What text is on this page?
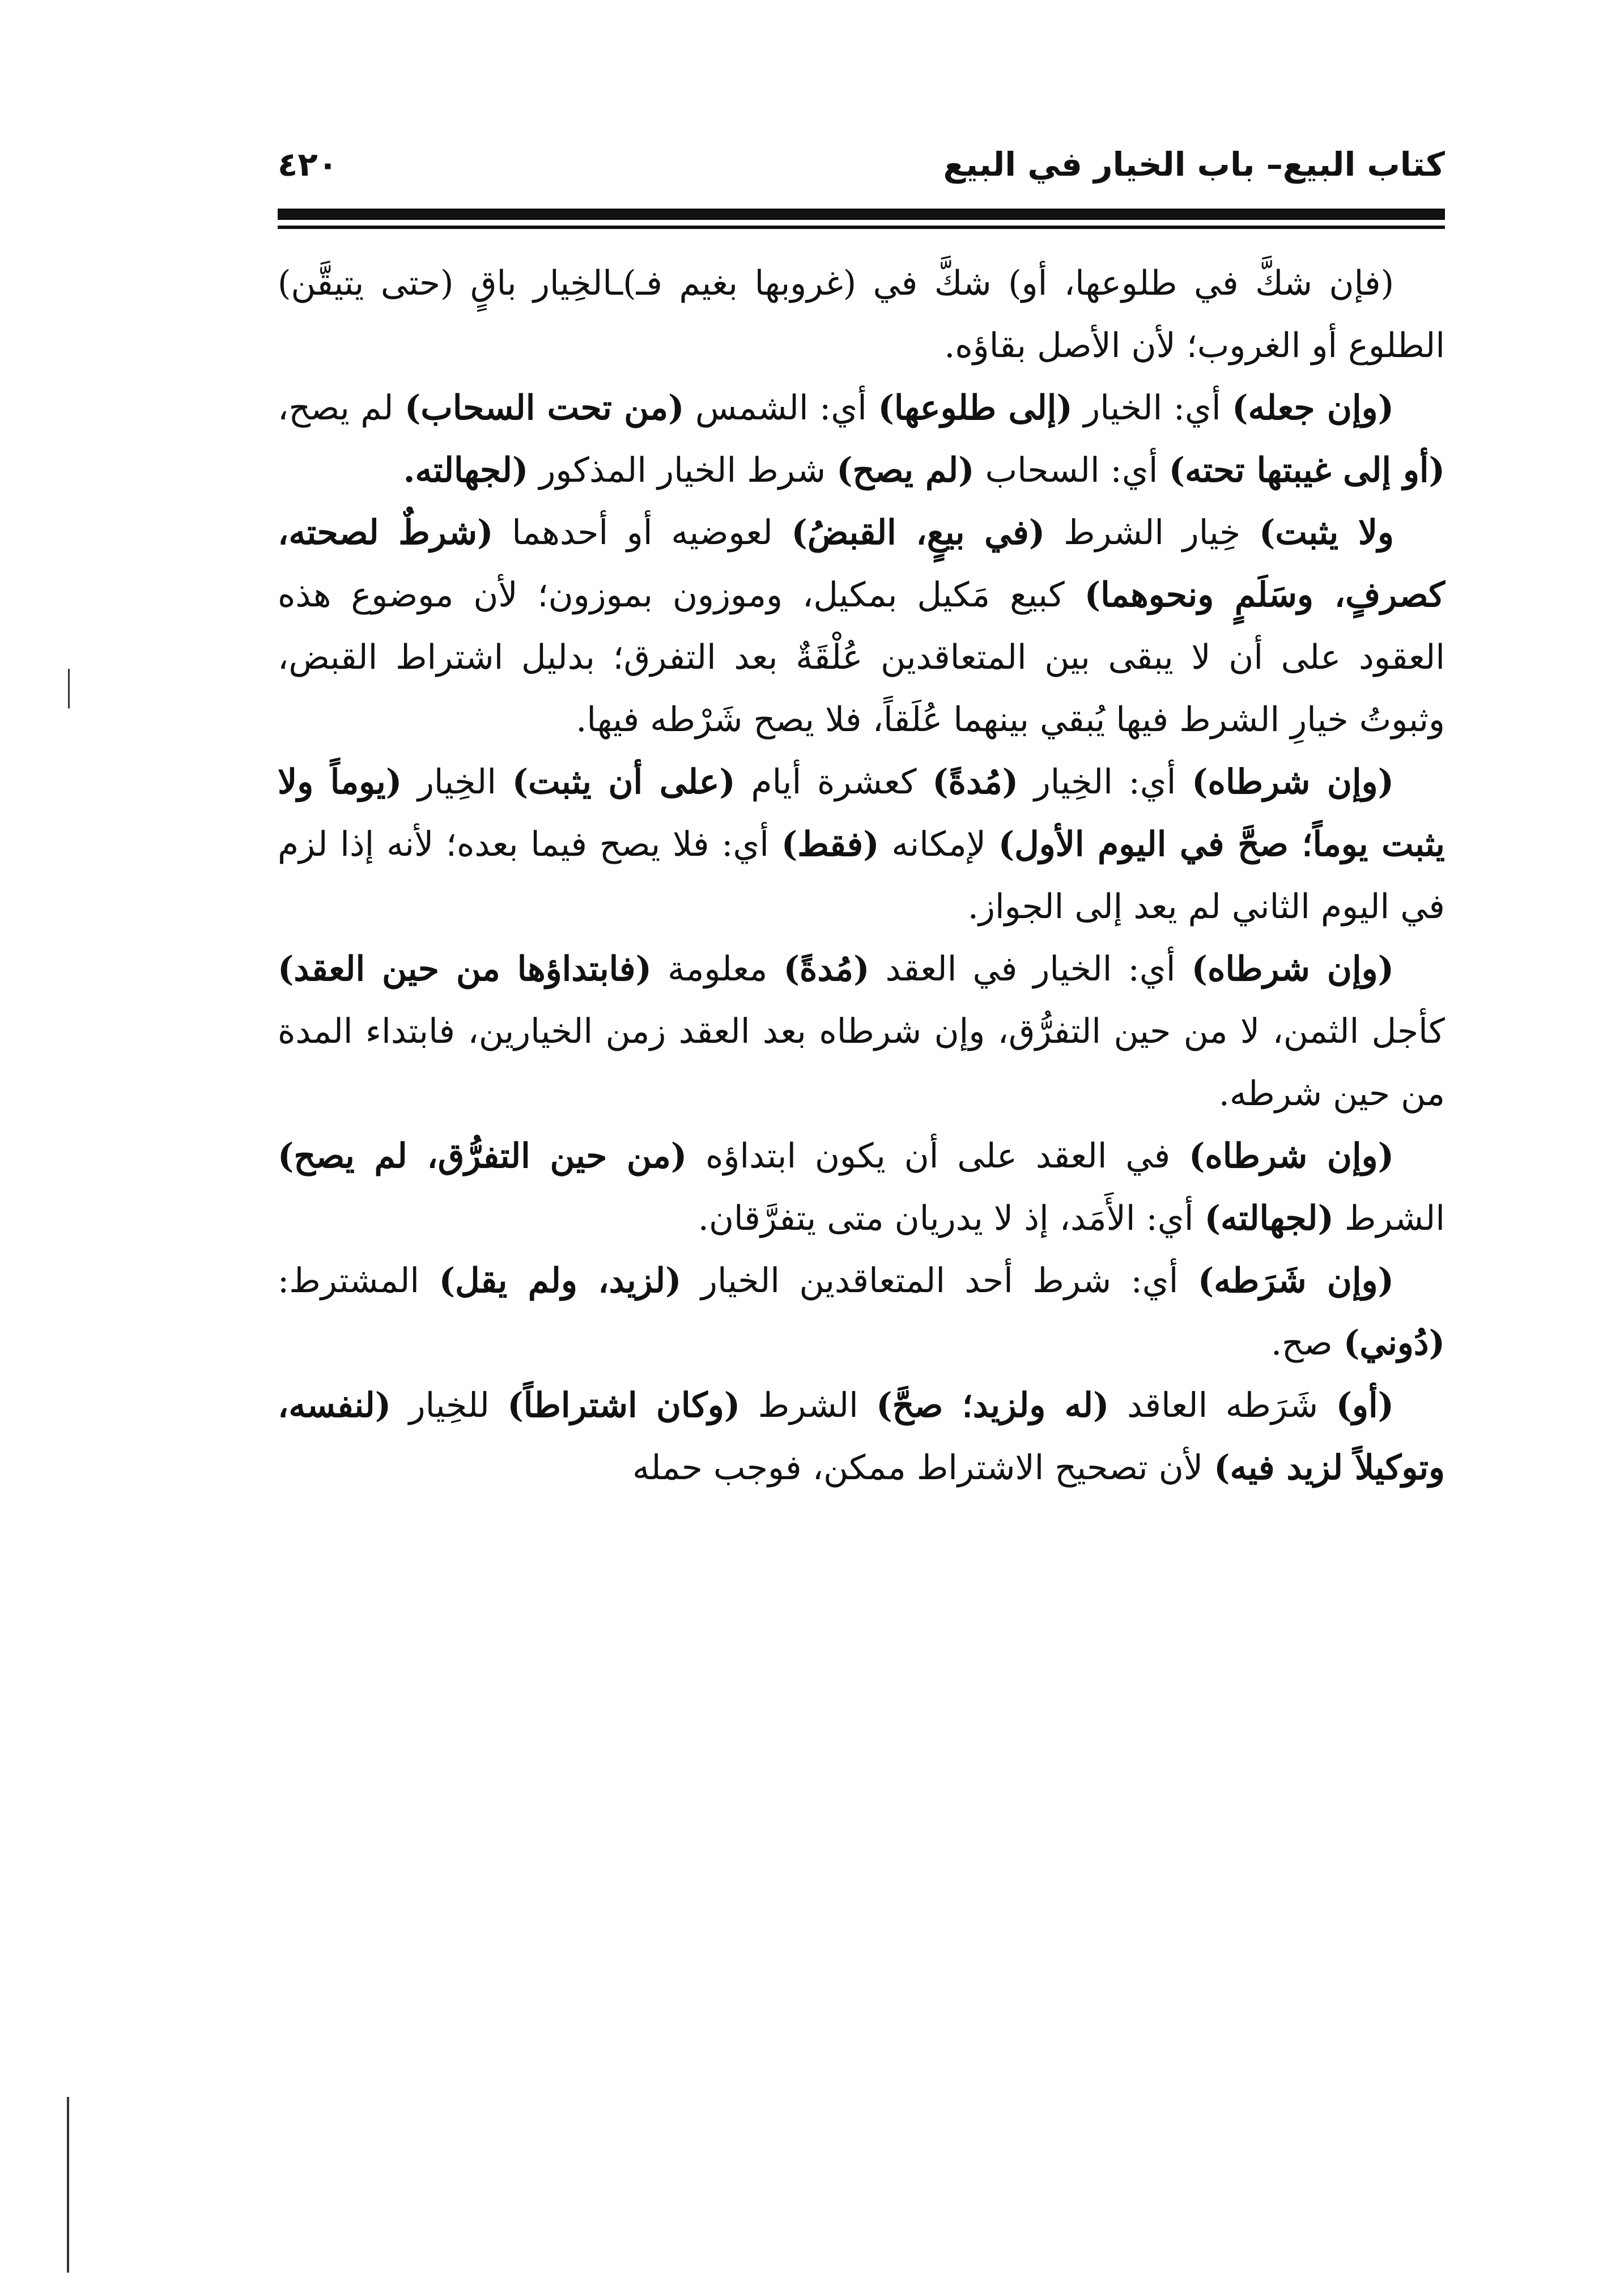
كتاب البيع– باب الخيار في البيع
٤٢٠

(فإن شكَّ في طلوعها، أو) شكَّ في (غروبها بغيم فـ)ـالخِيار باقٍ (حتى يتيقَّن) الطلوع أو الغروب؛ لأن الأصل بقاؤه.

(وإن جعله) أي: الخيار (إلى طلوعها) أي: الشمس (من تحت السحاب) لم يصح، (أو إلى غيبتها تحته) أي: السحاب (لم يصح) شرط الخيار المذكور (لجهالته.

ولا يثبت) خِيار الشرط (في بيعٍ، القبضُ) لعوضيه أو أحدهما (شرطٌ لصحته، كصرفٍ، وسَلَمٍ ونحوهما) كبيع مَكيل بمكيل، وموزون بموزون؛ لأن موضوع هذه العقود على أن لا يبقى بين المتعاقدين عُلْقَةٌ بعد التفرق؛ بدليل اشتراط القبض، وثبوتُ خيارِ الشرط فيها يُبقي بينهما عُلَقاً، فلا يصح شَرْطه فيها.

(وإن شرطاه) أي: الخِيار (مُدةً) كعشرة أيام (على أن يثبت) الخِيار (يوماً ولا يثبت يوماً؛ صحَّ في اليوم الأول) لإمكانه (فقط) أي: فلا يصح فيما بعده؛ لأنه إذا لزم في اليوم الثاني لم يعد إلى الجواز.

(وإن شرطاه) أي: الخيار في العقد (مُدةً) معلومة (فابتداؤها من حين العقد) كأجل الثمن، لا من حين التفرُّق، وإن شرطاه بعد العقد زمن الخيارين، فابتداء المدة من حين شرطه.

(وإن شرطاه) في العقد على أن يكون ابتداؤه (من حين التفرُّق، لم يصح) الشرط (لجهالته) أي: الأَمَد، إذ لا يدريان متى يتفرَّقان.

(وإن شَرَطه) أي: شرط أحد المتعاقدين الخيار (لزيد، ولم يقل) المشترط: (دُوني) صح.

(أو) شَرَطه العاقد (له ولزيد؛ صحَّ) الشرط (وكان اشتراطاً) للخِيار (لنفسه، وتوكيلاً لزيد فيه) لأن تصحيح الاشتراط ممكن، فوجب حمله
